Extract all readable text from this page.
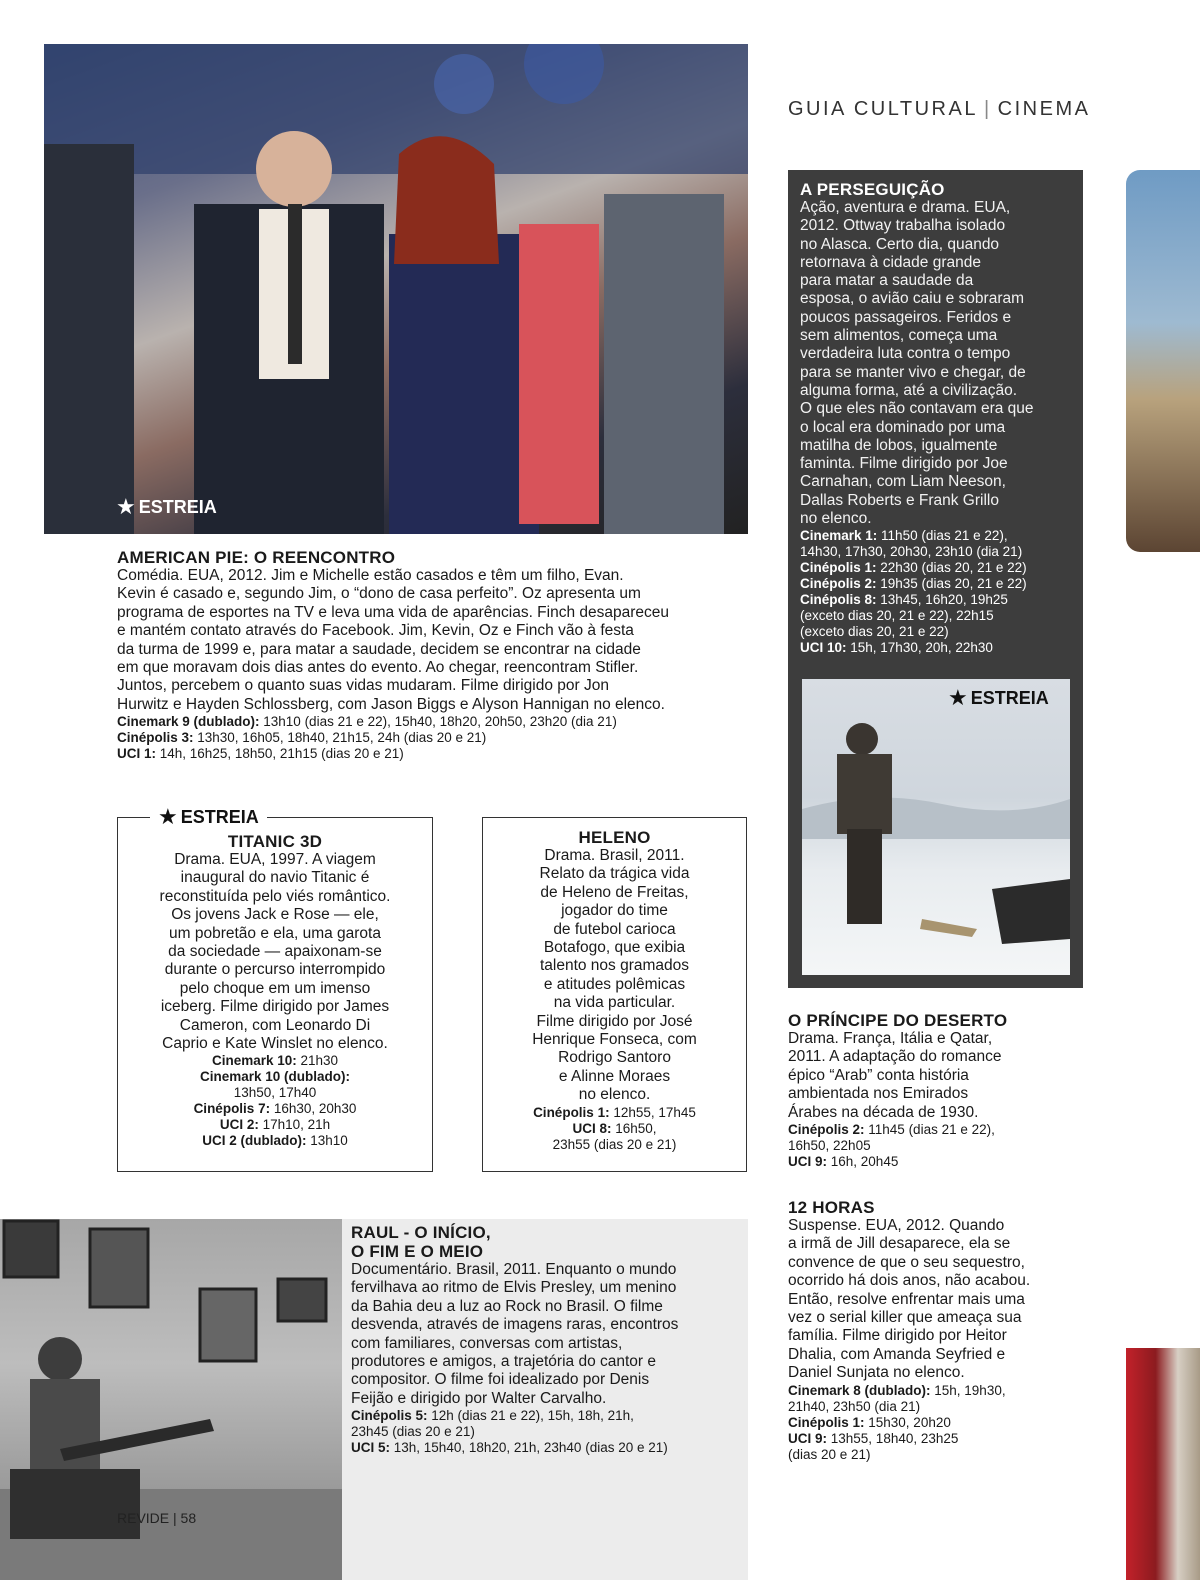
GUIA CULTURAL | CINEMA
★ ESTREIA
AMERICAN PIE: O REENCONTRO
Comédia. EUA, 2012. Jim e Michelle estão casados e têm um filho, Evan.
Kevin é casado e, segundo Jim, o “dono de casa perfeito”. Oz apresenta um
programa de esportes na TV e leva uma vida de aparências. Finch desapareceu
e mantém contato através do Facebook. Jim, Kevin, Oz e Finch vão à festa
da turma de 1999 e, para matar a saudade, decidem se encontrar na cidade
em que moravam dois dias antes do evento. Ao chegar, reencontram Stifler.
Juntos, percebem o quanto suas vidas mudaram. Filme dirigido por Jon
Hurwitz e Hayden Schlossberg, com Jason Biggs e Alyson Hannigan no elenco.
Cinemark 9 (dublado): 13h10 (dias 21 e 22), 15h40, 18h20, 20h50, 23h20 (dia 21)
Cinépolis 3: 13h30, 16h05, 18h40, 21h15, 24h (dias 20 e 21)
UCI 1: 14h, 16h25, 18h50, 21h15 (dias 20 e 21)
TITANIC 3D
Drama. EUA, 1997. A viagem
inaugural do navio Titanic é
reconstituída pelo viés romântico.
Os jovens Jack e Rose — ele,
um pobretão e ela, uma garota
da sociedade — apaixonam-se
durante o percurso interrompido
pelo choque em um imenso
iceberg. Filme dirigido por James
Cameron, com Leonardo Di
Caprio e Kate Winslet no elenco.
Cinemark 10: 21h30
Cinemark 10 (dublado):
13h50, 17h40
Cinépolis 7: 16h30, 20h30
UCI 2: 17h10, 21h
UCI 2 (dublado): 13h10
★ ESTREIA
HELENO
Drama. Brasil, 2011.
Relato da trágica vida
de Heleno de Freitas,
jogador do time
de futebol carioca
Botafogo, que exibia
talento nos gramados
e atitudes polêmicas
na vida particular.
Filme dirigido por José
Henrique Fonseca, com
Rodrigo Santoro
e Alinne Moraes
no elenco.
Cinépolis 1: 12h55, 17h45
UCI 8: 16h50,
23h55 (dias 20 e 21)
RAUL - O INÍCIO,
O FIM E O MEIO
Documentário. Brasil, 2011. Enquanto o mundo
fervilhava ao ritmo de Elvis Presley, um menino
da Bahia deu a luz ao Rock no Brasil. O filme
desvenda, através de imagens raras, encontros
com familiares, conversas com artistas,
produtores e amigos, a trajetória do cantor e
compositor. O filme foi idealizado por Denis
Feijão e dirigido por Walter Carvalho.
Cinépolis 5: 12h (dias 21 e 22), 15h, 18h, 21h,
23h45 (dias 20 e 21)
UCI 5: 13h, 15h40, 18h20, 21h, 23h40 (dias 20 e 21)
A PERSEGUIÇÃO
Ação, aventura e drama. EUA,
2012. Ottway trabalha isolado
no Alasca. Certo dia, quando
retornava à cidade grande
para matar a saudade da
esposa, o avião caiu e sobraram
poucos passageiros. Feridos e
sem alimentos, começa uma
verdadeira luta contra o tempo
para se manter vivo e chegar, de
alguma forma, até a civilização.
O que eles não contavam era que
o local era dominado por uma
matilha de lobos, igualmente
faminta. Filme dirigido por Joe
Carnahan, com Liam Neeson,
Dallas Roberts e Frank Grillo
no elenco.
Cinemark 1: 11h50 (dias 21 e 22),
14h30, 17h30, 20h30, 23h10 (dia 21)
Cinépolis 1: 22h30 (dias 20, 21 e 22)
Cinépolis 2: 19h35 (dias 20, 21 e 22)
Cinépolis 8: 13h45, 16h20, 19h25
(exceto dias 20, 21 e 22), 22h15
(exceto dias 20, 21 e 22)
UCI 10: 15h, 17h30, 20h, 22h30
★ ESTREIA
O PRÍNCIPE DO DESERTO
Drama. França, Itália e Qatar,
2011. A adaptação do romance
épico “Arab” conta história
ambientada nos Emirados
Árabes na década de 1930.
Cinépolis 2: 11h45 (dias 21 e 22),
16h50, 22h05
UCI 9: 16h, 20h45
12 HORAS
Suspense. EUA, 2012. Quando
a irmã de Jill desaparece, ela se
convence de que o seu sequestro,
ocorrido há dois anos, não acabou.
Então, resolve enfrentar mais uma
vez o serial killer que ameaça sua
família. Filme dirigido por Heitor
Dhalia, com Amanda Seyfried e
Daniel Sunjata no elenco.
Cinemark 8 (dublado): 15h, 19h30,
21h40, 23h50 (dia 21)
Cinépolis 1: 15h30, 20h20
UCI 9: 13h55, 18h40, 23h25
(dias 20 e 21)
REVIDE | 58
